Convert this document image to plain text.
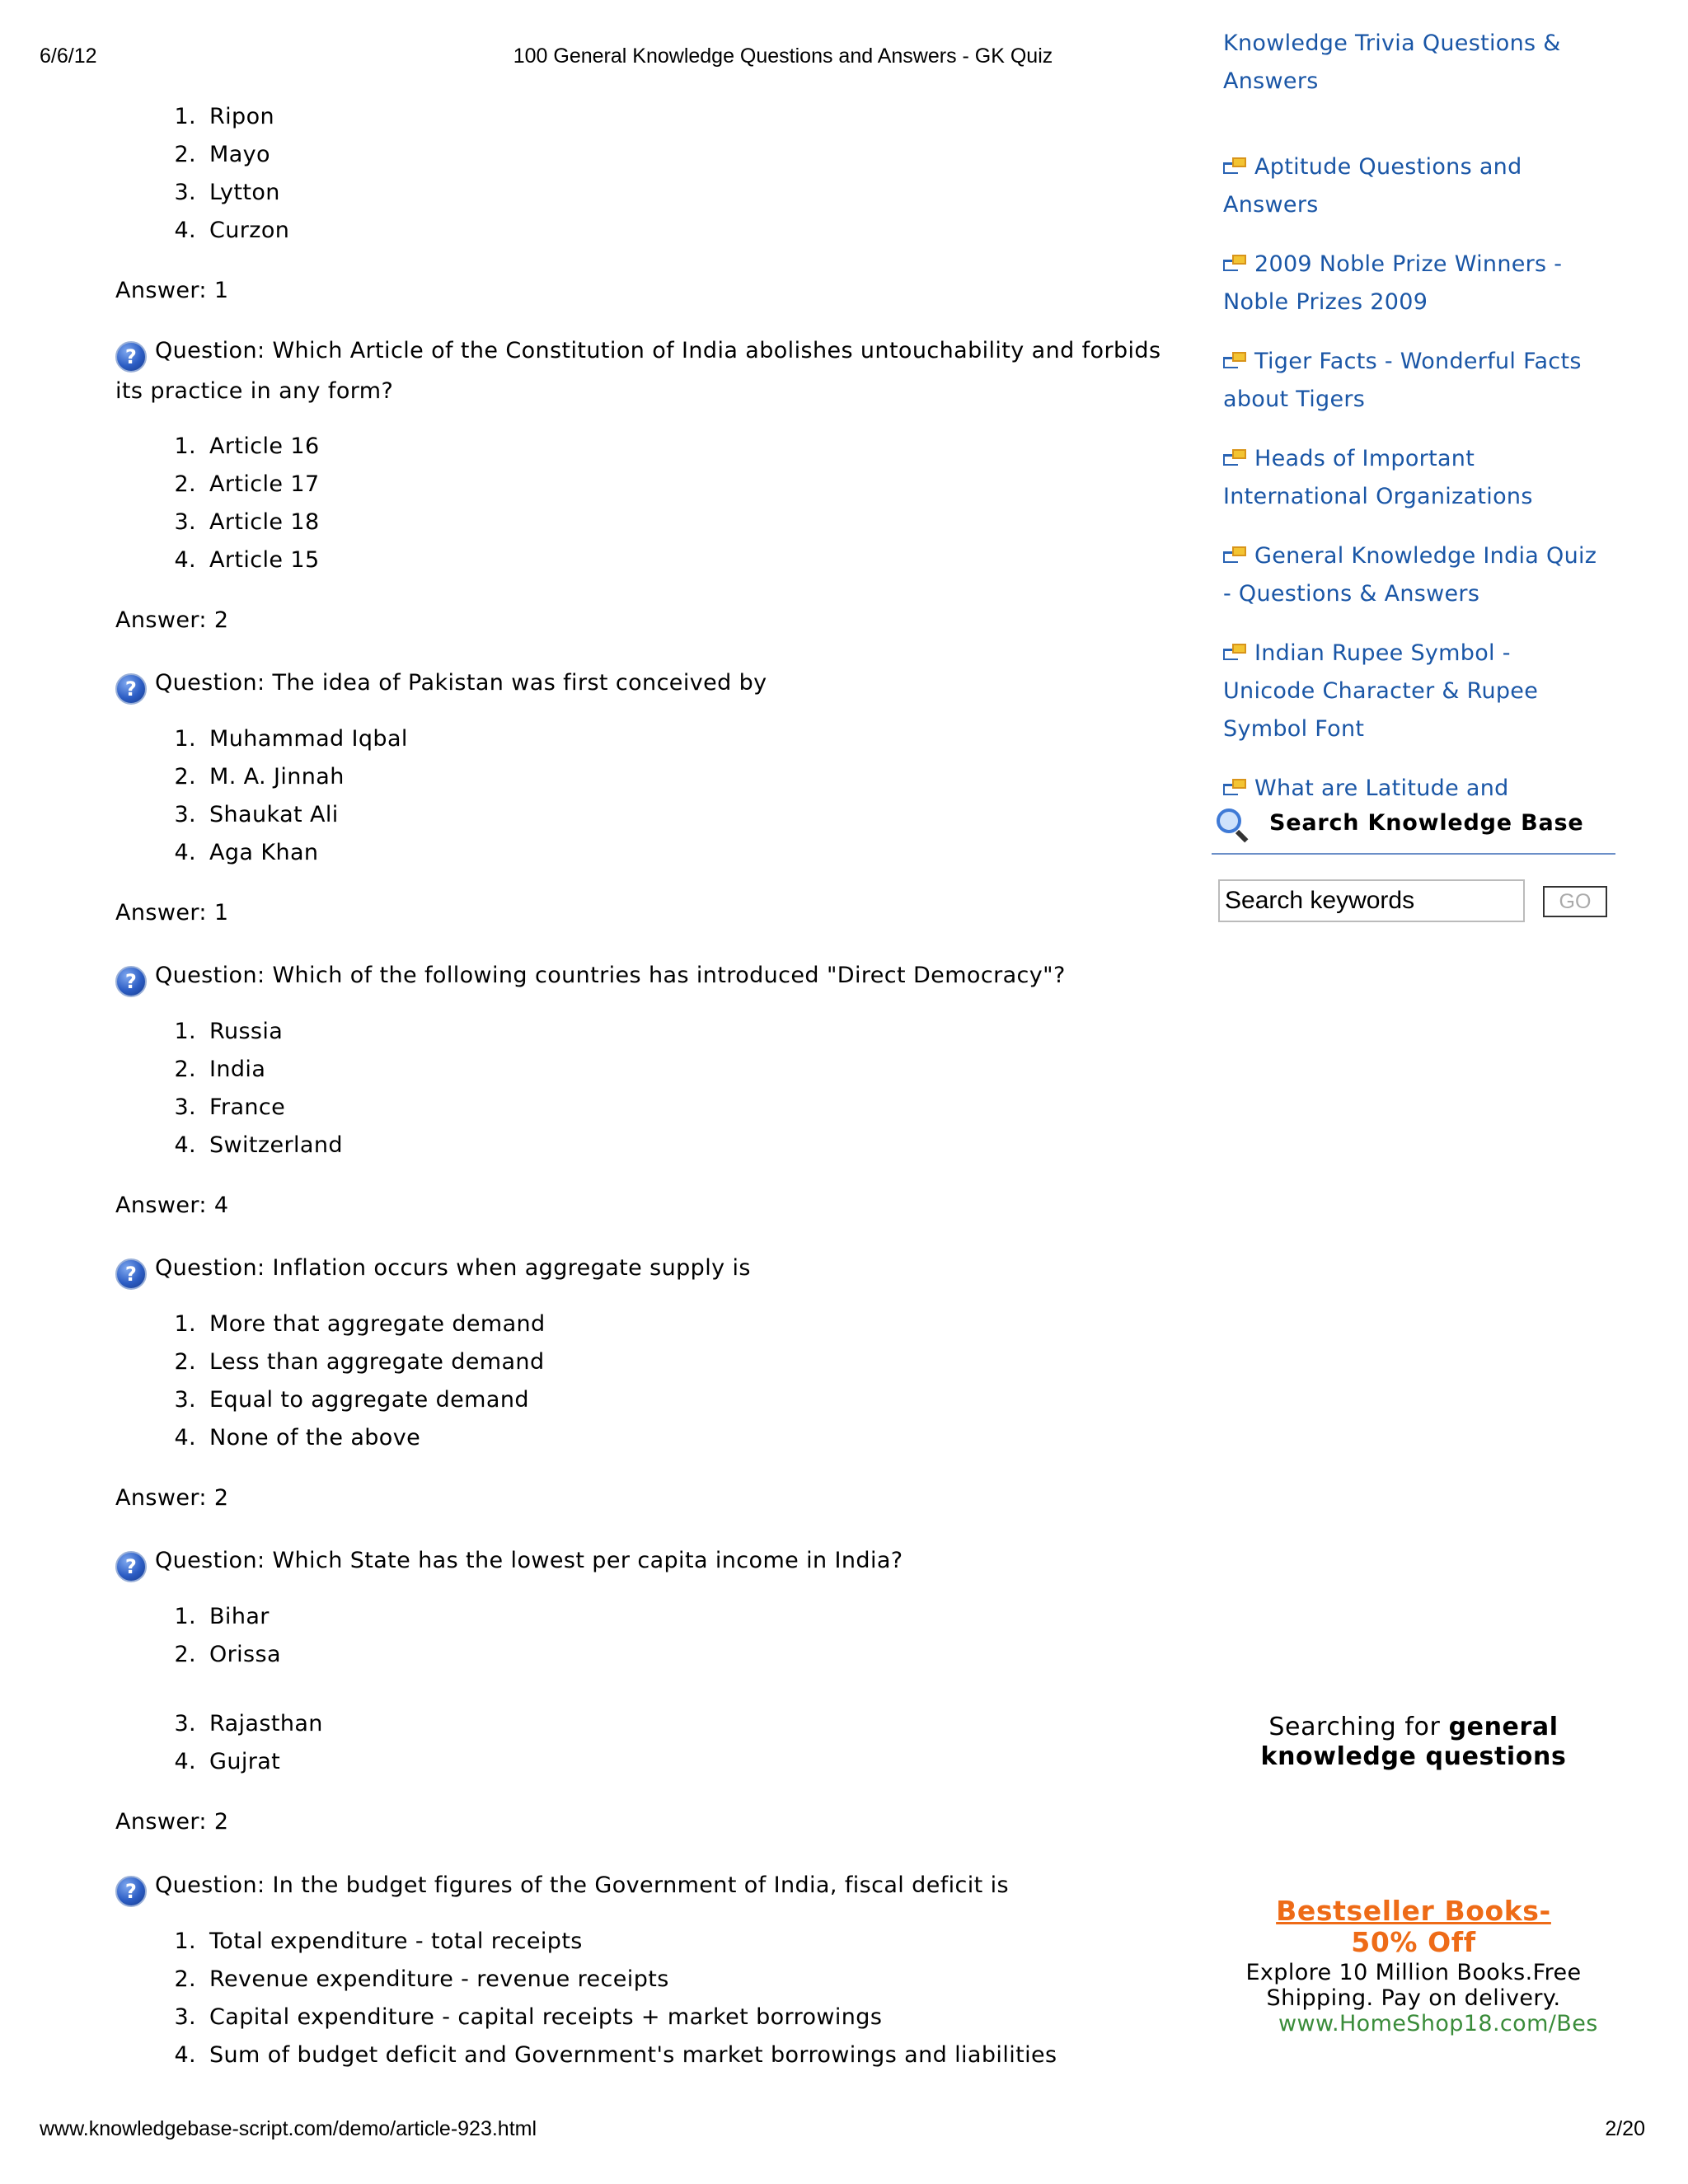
6/6/12	100 General Knowledge Questions and Answers - GK Quiz
1. Ripon
2. Mayo
3. Lytton
4. Curzon
Answer: 1
? Question: Which Article of the Constitution of India abolishes untouchability and forbids its practice in any form?
1. Article 16
2. Article 17
3. Article 18
4. Article 15
Answer: 2
? Question: The idea of Pakistan was first conceived by
1. Muhammad Iqbal
2. M. A. Jinnah
3. Shaukat Ali
4. Aga Khan
Answer: 1
? Question: Which of the following countries has introduced "Direct Democracy"?
1. Russia
2. India
3. France
4. Switzerland
Answer: 4
? Question: Inflation occurs when aggregate supply is
1. More that aggregate demand
2. Less than aggregate demand
3. Equal to aggregate demand
4. None of the above
Answer: 2
? Question: Which State has the lowest per capita income in India?
1. Bihar
2. Orissa
3. Rajasthan
4. Gujrat
Answer: 2
? Question: In the budget figures of the Government of India, fiscal deficit is
1. Total expenditure - total receipts
2. Revenue expenditure - revenue receipts
3. Capital expenditure - capital receipts + market borrowings
4. Sum of budget deficit and Government's market borrowings and liabilities
Knowledge Trivia Questions &
Answers
Aptitude Questions and
Answers
2009 Noble Prize Winners -
Noble Prizes 2009
Tiger Facts - Wonderful Facts
about Tigers
Heads of Important
International Organizations
General Knowledge India Quiz
- Questions & Answers
Indian Rupee Symbol -
Unicode Character & Rupee
Symbol Font
What are Latitude and
Search Knowledge Base
Search keywords
GO
Searching for general knowledge questions
Bestseller Books-
50% Off
Explore 10 Million Books.Free Shipping. Pay on delivery.
www.HomeShop18.com/Bes
www.knowledgebase-script.com/demo/article-923.html	2/20
